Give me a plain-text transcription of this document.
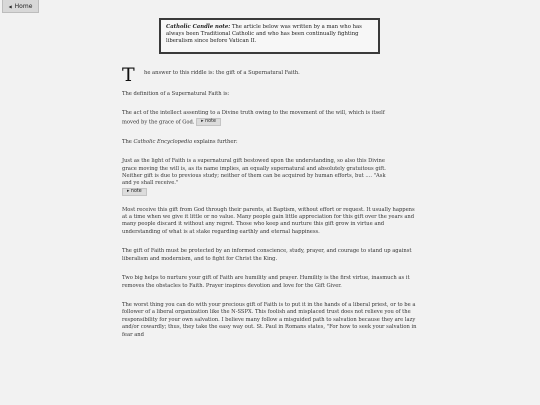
◀ Home
Catholic Candle note: The article below was written by a man who has always been Traditional Catholic and who has been continually fighting liberalism since before Vatican II.
T he answer to this riddle is: the gift of a Supernatural Faith.

The definition of a Supernatural Faith is:

The act of the intellect assenting to a Divine truth owing to the movement of the will, which is itself moved by the grace of God. ▸ note

The Catholic Encyclopedia explains further:

Just as the light of Faith is a supernatural gift bestowed upon the understanding, so also this Divine grace moving the will is, as its name implies, an equally supernatural and absolutely gratuitous gift. Neither gift is due to previous study; neither of them can be acquired by human efforts, but .... "Ask and ye shall receive."
▸ note

Most receive this gift from God through their parents, at Baptism, without effort or request. It usually happens at a time when we give it little or no value. Many people gain little appreciation for this gift over the years and many people discard it without any regret. Those who keep and nurture this gift grow in virtue and understanding of what is at stake regarding earthly and eternal happiness.

The gift of Faith must be protected by an informed conscience, study, prayer, and courage to stand up against liberalism and modernism, and to fight for Christ the King.

Two big helps to nurture your gift of Faith are humility and prayer. Humility is the first virtue, inasmuch as it removes the obstacles to Faith. Prayer inspires devotion and love for the Gift Giver.

The worst thing you can do with your precious gift of Faith is to put it in the hands of a liberal priest, or to be a follower of a liberal organization like the N-SSPX. This foolish and misplaced trust does not relieve you of the responsibility for your own salvation. I believe many follow a misguided path to salvation because they are lazy and/or cowardly; thus, they take the easy way out. St. Paul in Romans states, "For how to seek your salvation in fear and
